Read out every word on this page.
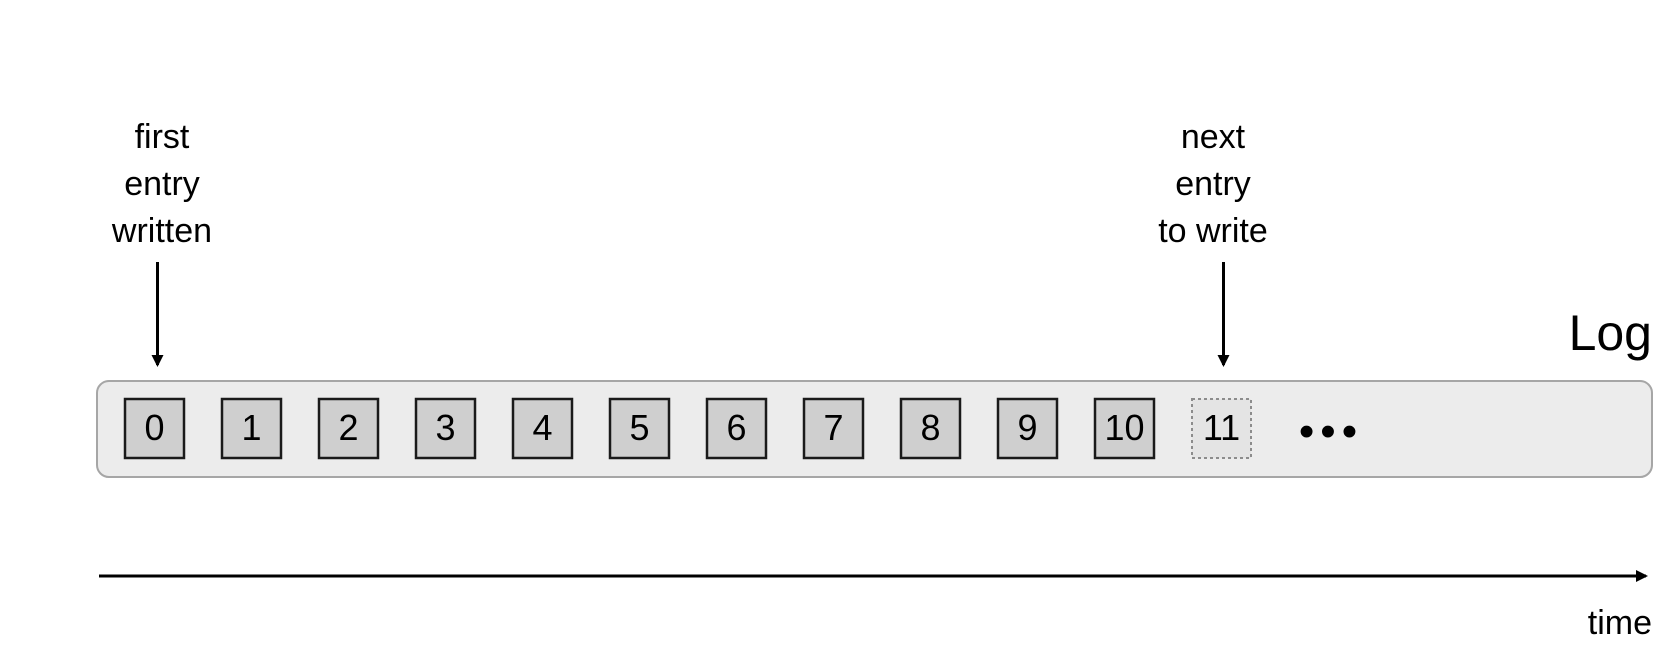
Log
0 1 2 3 4 5 6 7 8 9 10 11 •••
first
entry
written
next
entry
to write
time
